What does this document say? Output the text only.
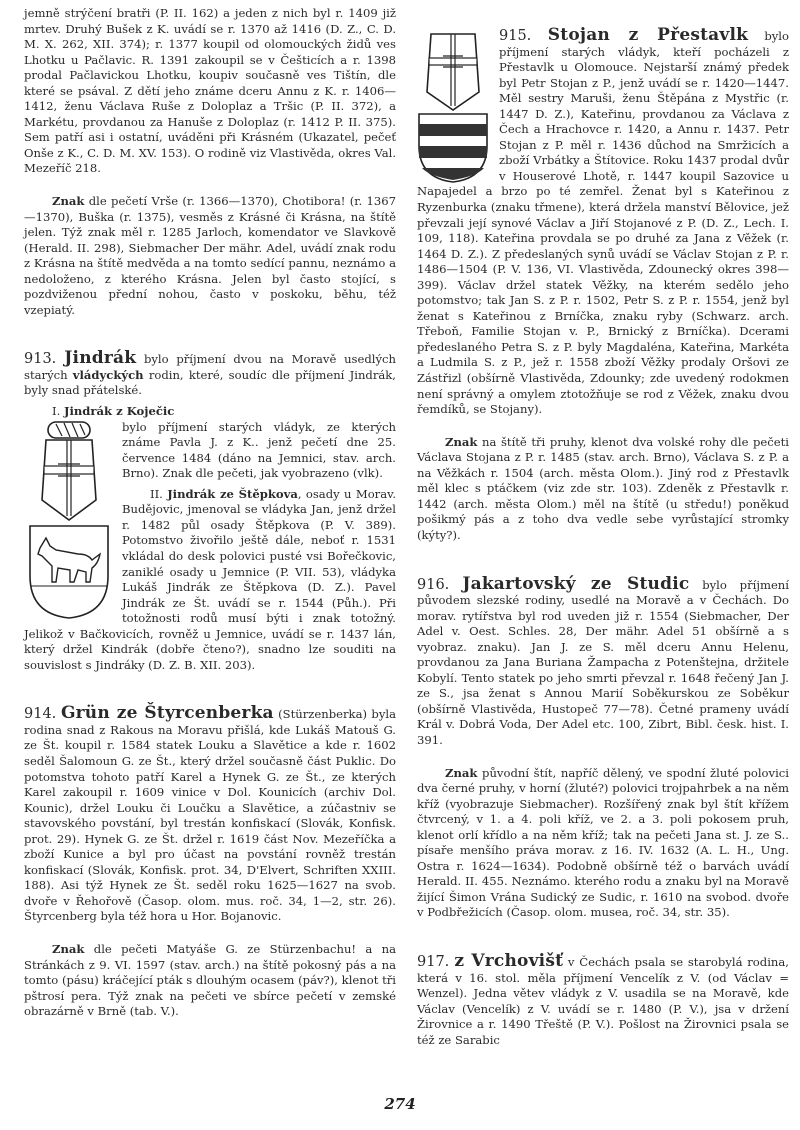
jemně strýčení bratři (P. II. 162) a jeden z nich byl r. 1409 již mrtev. Druhý Bušek z K. uvádí se r. 1370 až 1416 (D. Z., C. D. M. X. 262, XII. 374); r. 1377 koupil od olomouckých židů ves Lhotku u Pačlavic. R. 1391 zakoupil se v Češticích a r. 1398 prodal Pačlavickou Lhotku, koupiv současně ves Tištín, dle které se psával. Z dětí jeho známe dceru Annu z K. r. 1406—1412, ženu Václava Ruše z Doloplaz a Tršic (P. II. 372), a Markétu, provdanou za Hanuše z Doloplaz (r. 1412 P. II. 375). Sem patří asi i ostatní, uváděni při Krásném (Ukazatel, pečeť Onše z K., C. D. M. XV. 153). O rodině viz Vlastivěda, okres Val. Mezeříč 218.

Znak dle pečetí Vrše (r. 1366—1370), Chotibora! (r. 1367—1370), Buška (r. 1375), vesměs z Krásné či Krásna, na štítě jelen. Týž znak měl r. 1285 Jarloch, komendator ve Slavkově (Herald. II. 298), Siebmacher Der mähr. Adel, uvádí znak rodu z Krásna na štítě medvěda a na tomto sedící pannu, neznámo a nedoloženo, z kterého Krásna. Jelen byl často stojící, s pozdviženou přední nohou, často v poskoku, běhu, též vzepiatý.

913. Jindrák bylo příjmení dvou na Moravě usedlých starých vládyckých rodin, které, soudíc dle příjmení Jindrák, byly snad přátelské.

I. Jindrák z Koječic

bylo příjmení starých vládyk, ze kterých známe Pavla J. z K.. jenž pečetí dne 25. července 1484 (dáno na Jemnici, stav. arch. Brno). Znak dle pečeti, jak vyobrazeno (vlk).

II. Jindrák ze Štěpkova, osady u Morav. Budějovic, jmenoval se vládyka Jan, jenž držel r. 1482 půl osady Štěpkova (P. V. 389). Potomstvo živořilo ještě dále, neboť r. 1531 vkládal do desk polovici pusté vsi Bořečkovic, zaniklé osady u Jemnice (P. VII. 53), vládyka Lukáš Jindrák ze Štěpkova (D. Z.). Pavel Jindrák ze Št. uvádí se r. 1544 (Půh.). Při totožnosti rodů musí býti i znak totožný. Jelikož v Bačkovicích, rovněž u Jemnice, uvádí se r. 1437 lán, který držel Kindrák (dobře čteno?), snadno lze souditi na souvislost s Jindráky (D. Z. B. XII. 203).

914. Grün ze Štyrcenberka (Stürzenberka) byla rodina snad z Rakous na Moravu přišlá, kde Lukáš Matouš G. ze Št. koupil r. 1584 statek Louku a Slavětice a kde r. 1602 seděl Šalomoun G. ze Št., který držel současně část Puklic. Do potomstva tohoto patří Karel a Hynek G. ze Št., ze kterých Karel zakoupil r. 1609 vinice v Dol. Kounicích (archiv Dol. Kounic), držel Louku či Loučku a Slavětice, a zúčastniv se stavovského povstání, byl trestán konfiskací (Slovák, Konfisk. prot. 29). Hynek G. ze Št. držel r. 1619 část Nov. Mezeříčka a zboží Kunice a byl pro účast na povstání rovněž trestán konfiskací (Slovák, Konfisk. prot. 34, D'Elvert, Schriften XXIII. 188). Asi týž Hynek ze Št. seděl roku 1625—1627 na svob. dvoře v Řehořově (Časop. olom. mus. roč. 34, 1—2, str. 26). Štyrcenberg byla též hora u Hor. Bojanovic.

Znak dle pečeti Matyáše G. ze Stürzenbachu! a na Stránkách z 9. VI. 1597 (stav. arch.) na štítě pokosný pás a na tomto (pásu) kráčející pták s dlouhým ocasem (páv?), klenot tři pštrosí pera. Týž znak na pečeti ve sbírce pečetí v zemské obrazárně v Brně (tab. V.).

915. Stojan z Přestavlk
bylo příjmení starých vládyk, kteří pocházeli z Přestavlk u Olomouce. Nejstarší známý předek byl Petr Stojan z P., jenž uvádí se r. 1420—1447. Měl sestry Maruši, ženu Štěpána z Mystřic (r. 1447 D. Z.), Kateřinu, provdanou za Václava z Čech a Hrachovce r. 1420, a Annu r. 1437. Petr Stojan z P. měl r. 1436 důchod na Smržicích a zboží Vrbátky a Štítovice. Roku 1437 prodal dvůr v Houserové Lhotě, r. 1447 koupil Sazovice u Napajedel a brzo po té zemřel. Ženat byl s Kateřinou z Ryzenburka (znaku třmene), která držela manství Bělovice, jež převzali její synové Václav a Jiří Stojanové z P. (D. Z., Lech. I. 109, 118). Kateřina provdala se po druhé za Jana z Věžek (r. 1464 D. Z.). Z předeslaných synů uvádí se Václav Stojan z P. r. 1486—1504 (P. V. 136, VI. Vlastivěda, Zdounecký okres 398—399). Václav držel statek Věžky, na kterém sedělo jeho potomstvo; tak Jan S. z P. r. 1502, Petr S. z P. r. 1554, jenž byl ženat s Kateřinou z Brníčka, znaku ryby (Schwarz. arch. Třeboň, Familie Stojan v. P., Brnický z Brníčka). Dcerami předeslaného Petra S. z P. byly Magdaléna, Kateřina, Markéta a Ludmila S. z P., jež r. 1558 zboží Věžky prodaly Oršovi ze Zástřizl (obšírně Vlastivěda, Zdounky; zde uvedený rodokmen není správný a omylem ztotožňuje se rod z Věžek, znaku dvou řemdíků, se Stojany).

Znak na štítě tři pruhy, klenot dva volské rohy dle pečeti Václava Stojana z P. r. 1485 (stav. arch. Brno), Václava S. z P. a na Věžkách r. 1504 (arch. města Olom.). Jiný rod z Přestavlk měl klec s ptáčkem (viz zde str. 103). Zdeněk z Přestavlk r. 1442 (arch. města Olom.) měl na štítě (u středu!) poněkud pošikmý pás a z toho dva vedle sebe vyrůstající stromky (kýty?).

916. Jakartovský ze Studic bylo příjmení původem slezské rodiny, usedlé na Moravě a v Čechách. Do morav. rytířstva byl rod uveden již r. 1554 (Siebmacher, Der Adel v. Oest. Schles. 28, Der mähr. Adel 51 obšírně a s vyobraz. znaku). Jan J. ze S. měl dceru Annu Helenu, provdanou za Jana Buriana Žampacha z Potenštejna, držitele Kobylí. Tento statek po jeho smrti převzal r. 1648 řečený Jan J. ze S., jsa ženat s Annou Marií Soběkurskou ze Soběkur (obšírně Vlastivěda, Hustopeč 77—78). Četné prameny uvádí Král v. Dobrá Voda, Der Adel etc. 100, Zibrt, Bibl. česk. hist. I. 391.

Znak původní štít, napříč dělený, ve spodní žluté polovici dva černé pruhy, v horní (žluté?) polovici trojpahrbek a na něm kříž (vyobrazuje Siebmacher). Rozšířený znak byl štít křížem čtvrcený, v 1. a 4. poli kříž, ve 2. a 3. poli pokosem pruh, klenot orlí křídlo a na něm kříž; tak na pečeti Jana st. J. ze S.. písaře menšího práva morav. z 16. IV. 1632 (A. L. H., Ung. Ostra r. 1624—1634). Podobně obšírně též o barvách uvádí Herald. II. 455. Neznámo. kterého rodu a znaku byl na Moravě žijící Šimon Vrána Sudický ze Sudic, r. 1610 na svobod. dvoře v Podbřežicích (Časop. olom. musea, roč. 34, str. 35).

917. z Vrchovišť v Čechách psala se starobylá rodina, která v 16. stol. měla příjmení Vencelík z V. (od Václav = Wenzel). Jedna větev vládyk z V. usadila se na Moravě, kde Václav (Vencelík) z V. uvádí se r. 1480 (P. V.), jsa v držení Žirovnice a r. 1490 Třeště (P. V.). Pošlost na Žirovnici psala se též ze Sarabic

274
